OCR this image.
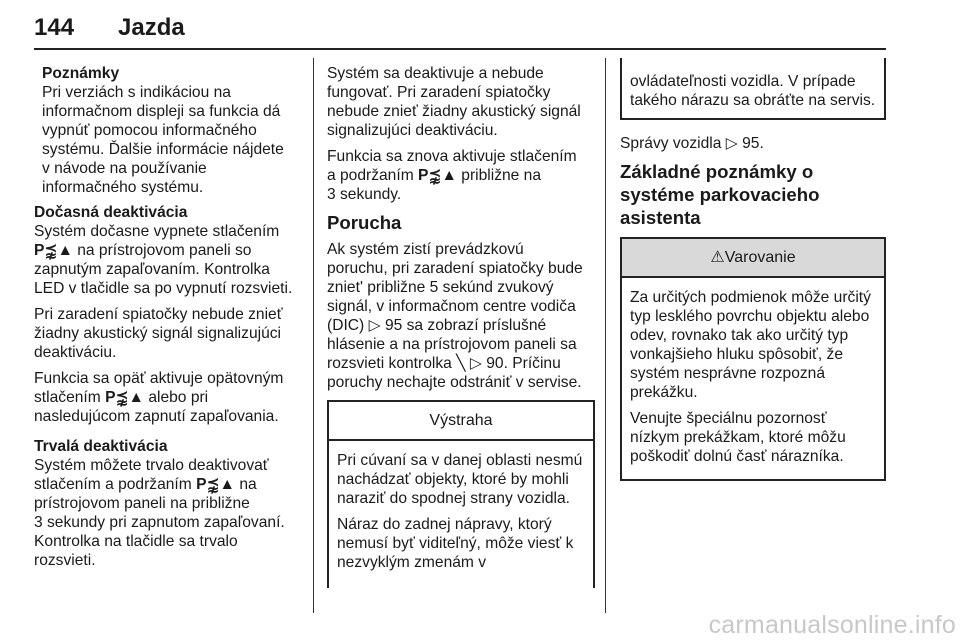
144 Jazda
Poznámky

Pri verziách s indikáciou na

informačnom displeji sa funkcia dá

vypnúť pomocou informačného

systému. Ďalšie informácie nájdete

v návode na používanie

informačného systému.

Dočasná deaktivácia

Systém dočasne vypnete stlačením
P⪹▲ na prístrojovom paneli so
zapnutým zapaľovaním. Kontrolka
LED v tlačidle sa po vypnutí rozsvieti.

Pri zaradení spiatočky nebude znieť žiadny akustický signál signalizujúci deaktiváciu.

Funkcia sa opäť aktivuje opätovným
stlačením P⪹▲ alebo pri
nasledujúcom zapnutí zapaľovania.

Trvalá deaktivácia

Systém môžete trvalo deaktivovať
stlačením a podržaním P⪹▲ na
prístrojovom paneli na približne
3 sekundy pri zapnutom zapaľovaní.
Kontrolka na tlačidle sa trvalo
rozsvieti.

Systém sa deaktivuje a nebude fungovať. Pri zaradení spiatočky nebude znieť žiadny akustický signál signalizujúci deaktiváciu.

Funkcia sa znova aktivuje stlačením
a podržaním P⪹▲ približne na
3 sekundy.

Porucha

Ak systém zistí prevádzkovú
poruchu, pri zaradení spiatočky bude
zniet' približne 5 sekúnd zvukový
signál, v informačnom centre vodiča
(DIC) ▷ 95 sa zobrazí príslušné
hlásenie a na prístrojovom paneli sa
rozsvieti kontrolka ╲ ▷ 90. Príčinu
poruchy nechajte odstrániť v servise.

Výstraha

Pri cúvaní sa v danej oblasti nesmú nachádzať objekty, ktoré by mohli naraziť do spodnej strany vozidla.

Náraz do zadnej nápravy, ktorý nemusí byť viditeľný, môže viesť k nezvyklým zmenám v

ovládateľnosti vozidla. V prípade takého nárazu sa obráťte na servis.

Správy vozidla ▷ 95.

Základné poznámky o systéme parkovacieho asistenta
⚠Varovanie

Za určitých podmienok môže určitý typ lesklého povrchu objektu alebo odev, rovnako tak ako určitý typ vonkajšieho hluku spôsobiť, že systém nesprávne rozpozná prekážku.

Venujte špeciálnu pozornosť nízkym prekážkam, ktoré môžu poškodiť dolnú časť nárazníka.

carmanualsonline.info
